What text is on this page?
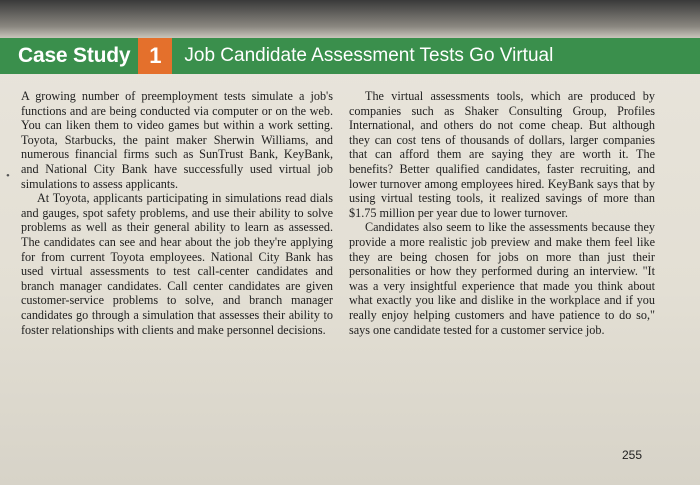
Case Study 1	Job Candidate Assessment Tests Go Virtual
•

A growing number of preemployment tests simulate a job's functions and are being conducted via computer or on the web. You can liken them to video games but within a work setting. Toyota, Starbucks, the paint maker Sherwin Williams, and numerous financial firms such as SunTrust Bank, KeyBank, and National City Bank have successfully used virtual job simulations to assess applicants.

At Toyota, applicants participating in simulations read dials and gauges, spot safety problems, and use their ability to solve problems as well as their general ability to learn as assessed. The candidates can see and hear about the job they're applying for from current Toyota employees. National City Bank has used virtual assessments to test call-center candidates and branch manager candidates. Call center candidates are given customer-service problems to solve, and branch manager candidates go through a simulation that assesses their ability to foster relationships with clients and make personnel decisions.

The virtual assessments tools, which are produced by companies such as Shaker Consulting Group, Profiles International, and others do not come cheap. But although they can cost tens of thousands of dollars, larger companies that can afford them are saying they are worth it. The benefits? Better qualified candidates, faster recruiting, and lower turnover among employees hired. KeyBank says that by using virtual testing tools, it realized savings of more than $1.75 million per year due to lower turnover.

Candidates also seem to like the assessments because they provide a more realistic job preview and make them feel like they are being chosen for jobs on more than just their personalities or how they performed during an interview. "It was a very insightful experience that made you think about what exactly you like and dislike in the workplace and if you really enjoy helping customers and have patience to do so," says one candidate tested for a customer service job.

255
